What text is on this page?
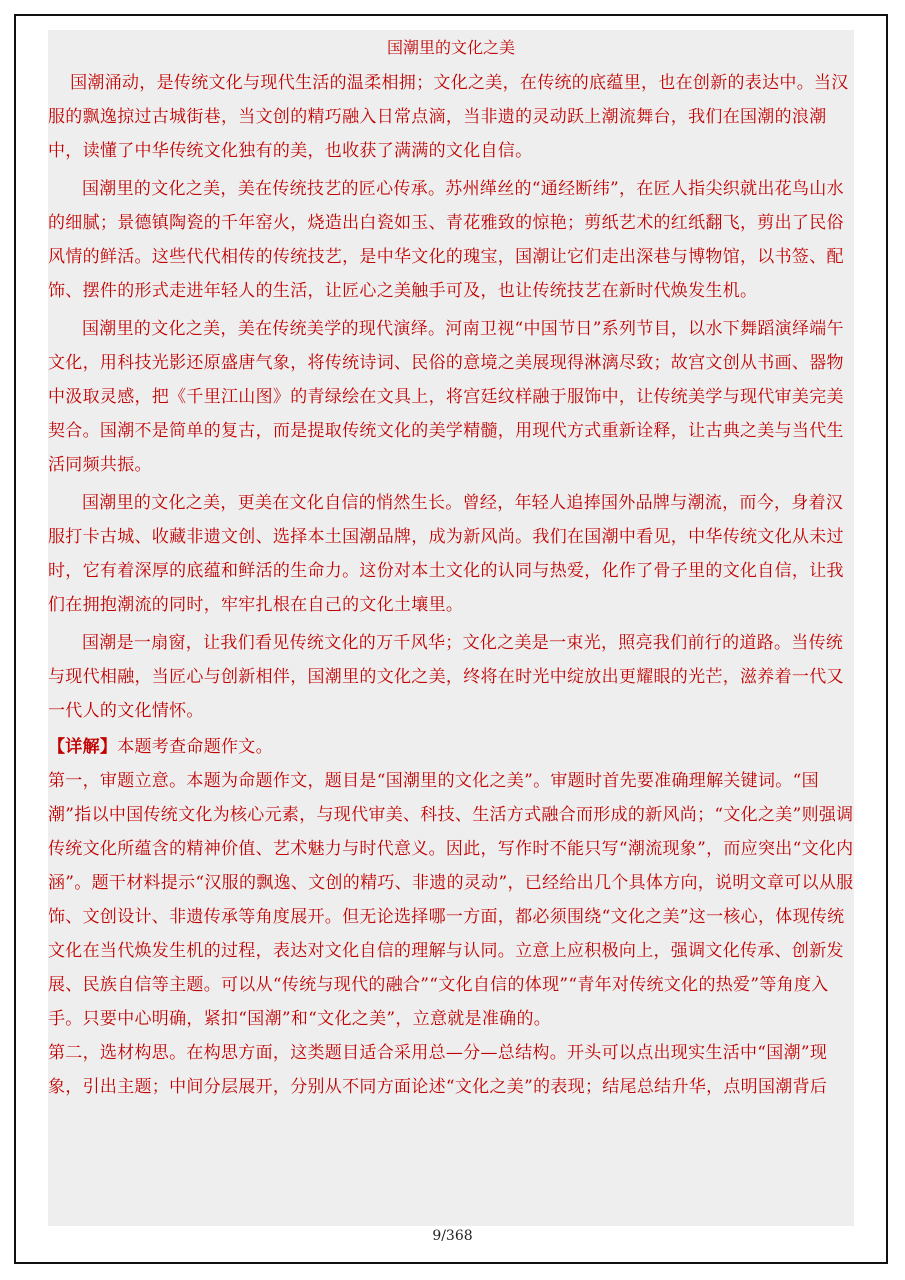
国潮里的文化之美

国潮涌动，是传统文化与现代生活的温柔相拥；文化之美，在传统的底蕴里，也在创新的表达中。当汉服的飘逸掠过古城街巷，当文创的精巧融入日常点滴，当非遗的灵动跃上潮流舞台，我们在国潮的浪潮中，读懂了中华传统文化独有的美，也收获了满满的文化自信。

国潮里的文化之美，美在传统技艺的匠心传承。苏州缂丝的“通经断纬”，在匠人指尖织就出花鸟山水的细腻；景德镇陶瓷的千年窑火，烧造出白瓷如玉、青花雅致的惊艳；剪纸艺术的红纸翻飞，剪出了民俗风情的鲜活。这些代代相传的传统技艺，是中华文化的瑰宝，国潮让它们走出深巷与博物馆，以书签、配饰、摆件的形式走进年轻人的生活，让匠心之美触手可及，也让传统技艺在新时代焕发生机。

国潮里的文化之美，美在传统美学的现代演绎。河南卫视“中国节日”系列节目，以水下舞蹈演绎端午文化，用科技光影还原盛唐气象，将传统诗词、民俗的意境之美展现得淋漓尽致；故宫文创从书画、器物中汲取灵感，把《千里江山图》的青绿绘在文具上，将宫廷纹样融于服饰中，让传统美学与现代审美完美契合。国潮不是简单的复古，而是提取传统文化的美学精髓，用现代方式重新诠释，让古典之美与当代生活同频共振。

国潮里的文化之美，更美在文化自信的悄然生长。曾经，年轻人追捧国外品牌与潮流，而今，身着汉服打卡古城、收藏非遗文创、选择本土国潮品牌，成为新风尚。我们在国潮中看见，中华传统文化从未过时，它有着深厚的底蕴和鲜活的生命力。这份对本土文化的认同与热爱，化作了骨子里的文化自信，让我们在拥抱潮流的同时，牢牢扎根在自己的文化土壤里。

国潮是一扇窗，让我们看见传统文化的万千风华；文化之美是一束光，照亮我们前行的道路。当传统与现代相融，当匠心与创新相伴，国潮里的文化之美，终将在时光中绽放出更耀眼的光芒，滋养着一代又一代人的文化情怀。

【详解】本题考查命题作文。

第一，审题立意。本题为命题作文，题目是“国潮里的文化之美”。审题时首先要准确理解关键词。“国潮”指以中国传统文化为核心元素，与现代审美、科技、生活方式融合而形成的新风尚；“文化之美”则强调传统文化所蕴含的精神价值、艺术魅力与时代意义。因此，写作时不能只写“潮流现象”，而应突出“文化内涵”。题干材料提示“汉服的飘逸、文创的精巧、非遗的灵动”，已经给出几个具体方向，说明文章可以从服饰、文创设计、非遗传承等角度展开。但无论选择哪一方面，都必须围绕“文化之美”这一核心，体现传统文化在当代焕发生机的过程，表达对文化自信的理解与认同。立意上应积极向上，强调文化传承、创新发展、民族自信等主题。可以从“传统与现代的融合”“文化自信的体现”“青年对传统文化的热爱”等角度入手。只要中心明确，紧扣“国潮”和“文化之美”，立意就是准确的。

第二，选材构思。在构思方面，这类题目适合采用总—分—总结构。开头可以点出现实生活中“国潮”现象，引出主题；中间分层展开，分别从不同方面论述“文化之美”的表现；结尾总结升华，点明国潮背后

9/368
